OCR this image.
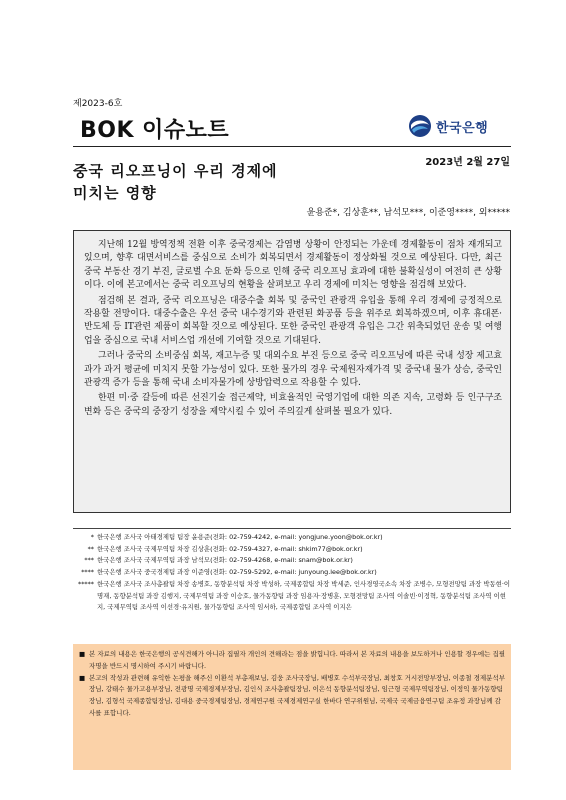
제2023-6호
BOK 이슈노트	한국은행
중국 리오프닝이 우리 경제에
미치는 영향
2023년 2월 27일
윤용준*, 김상훈**, 남석모***, 이준영****, 외*****

지난해 12월 방역정책 전환 이후 중국경제는 감염병 상황이 안정되는 가운데 경제활동이 점차 재개되고 있으며, 향후 대면서비스를 중심으로 소비가 회복되면서 경제활동이 정상화될 것으로 예상된다. 다만, 최근 중국 부동산 경기 부진, 글로벌 수요 둔화 등으로 인해 중국 리오프닝 효과에 대한 불확실성이 여전히 큰 상황이다. 이에 본고에서는 중국 리오프닝의 현황을 살펴보고 우리 경제에 미치는 영향을 점검해 보았다.

점검해 본 결과, 중국 리오프닝은 대중수출 회복 및 중국인 관광객 유입을 통해 우리 경제에 긍정적으로 작용할 전망이다. 대중수출은 우선 중국 내수경기와 관련된 화공품 등을 위주로 회복하겠으며, 이후 휴대폰·반도체 등 IT관련 제품이 회복할 것으로 예상된다. 또한 중국인 관광객 유입은 그간 위축되었던 운송 및 여행업을 중심으로 국내 서비스업 개선에 기여할 것으로 기대된다.

그러나 중국의 소비중심 회복, 재고누증 및 대외수요 부진 등으로 중국 리오프닝에 따른 국내 성장 제고효과가 과거 평균에 미치지 못할 가능성이 있다. 또한 물가의 경우 국제원자재가격 및 중국내 물가 상승, 중국인 관광객 증가 등을 통해 국내 소비자물가에 상방압력으로 작용할 수 있다.

한편 미·중 갈등에 따른 선진기술 접근제약, 비효율적인 국영기업에 대한 의존 지속, 고령화 등 인구구조 변화 등은 중국의 중장기 성장을 제약시킬 수 있어 주의깊게 살펴볼 필요가 있다.

* 한국은행 조사국 아태경제팀 팀장 윤용준(전화: 02-759-4242, e-mail: yongjune.yoon@bok.or.kr)
** 한국은행 조사국 국제무역팀 차장 김상훈(전화: 02-759-4327, e-mail: shkim77@bok.or.kr)
*** 한국은행 조사국 국제무역팀 과장 남석모(전화: 02-759-4268, e-mail: snam@bok.or.kr)
**** 한국은행 조사국 중국경제팀 과장 이준영(전화: 02-759-5292, e-mail: junyoung.lee@bok.or.kr)
***** 한국은행 조사국 조사총괄팀 차장 송병호, 동향분석팀 차장 박성하, 국제종합팀 차장 박세준, 인사경영국소속 차장 조병수, 모형전망팀 과장 박동현·이명재, 동향분석팀 과장 김행지, 국제무역팀 과장 이승호, 물가동향팀 과장 임용자·장병훈, 모형전망팀 조사역 이솔빈·이정혁, 동향분석팀 조사역 이현지, 국제무역팀 조사역 이선경·유지원, 물가동향팀 조사역 임서하, 국제종합팀 조사역 이지은
■ 본 자료의 내용은 한국은행의 공식견해가 아니라 집필자 개인의 견해라는 점을 밝힙니다. 따라서 본 자료의 내용을 보도하거나 인용할 경우에는 집필자명을 반드시 명시하여 주시기 바랍니다.
■ 본고의 작성과 관련해 유익한 논평을 해주신 이환석 부총재보님, 김웅 조사국장님, 배병호 수석부국장님, 최창호 거시전망부장님, 이종철 경제분석부장님, 강태수 물가고용부장님, 전광명 국제경제부장님, 김인식 조사총괄팀장님, 이은석 동향분석팀장님, 임근형 국제무역팀장님, 이정익 물가동향팀장님, 김형석 국제종합팀장님, 김대용 중국경제팀장님, 경제연구원 국제경제연구실 한바다 연구위원님, 국제국 국제금융연구팀 조유정 과장님께 감사를 표합니다.
